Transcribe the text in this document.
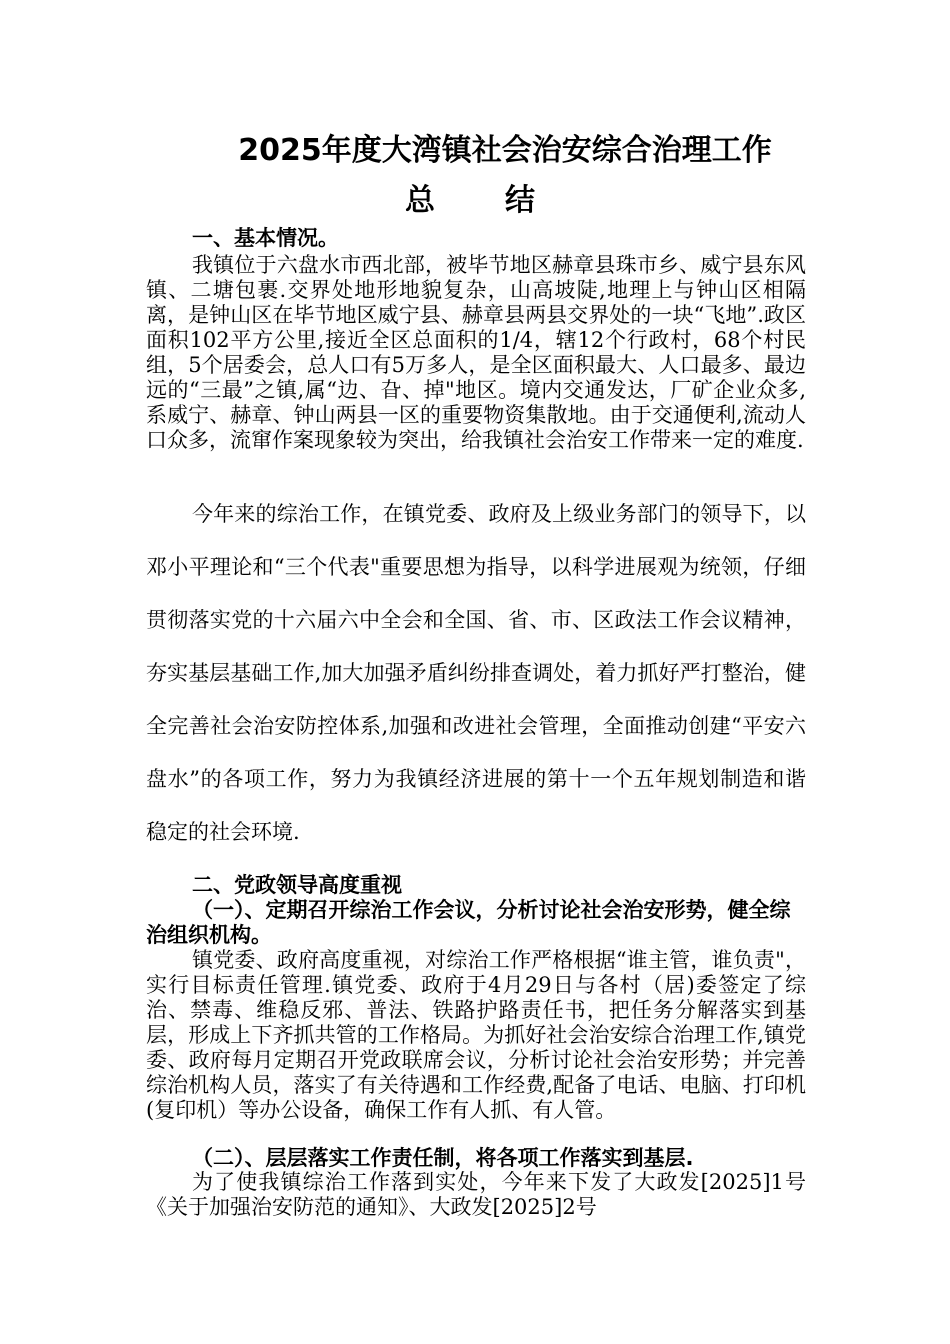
2025年度大湾镇社会治安综合治理工作
总结
一、基本情况。
我镇位于六盘水市西北部，被毕节地区赫章县珠市乡、威宁县东风镇、二塘包裹.交界处地形地貌复杂，山高坡陡,地理上与钟山区相隔离，是钟山区在毕节地区威宁县、赫章县两县交界处的一块“飞地”.政区面积102平方公里,接近全区总面积的1/4，辖12个行政村，68个村民组，5个居委会，总人口有5万多人，是全区面积最大、人口最多、最边远的“三最”之镇,属“边、旮、掉"地区。境内交通发达，厂矿企业众多,系威宁、赫章、钟山两县一区的重要物资集散地。由于交通便利,流动人口众多，流窜作案现象较为突出，给我镇社会治安工作带来一定的难度.
今年来的综治工作，在镇党委、政府及上级业务部门的领导下，以邓小平理论和“三个代表"重要思想为指导，以科学进展观为统领，仔细贯彻落实党的十六届六中全会和全国、省、市、区政法工作会议精神，夯实基层基础工作,加大加强矛盾纠纷排查调处，着力抓好严打整治，健全完善社会治安防控体系,加强和改进社会管理，全面推动创建“平安六盘水”的各项工作，努力为我镇经济进展的第十一个五年规划制造和谐稳定的社会环境.
二、党政领导高度重视
（一）、定期召开综治工作会议，分析讨论社会治安形势，健全综治组织机构。
镇党委、政府高度重视，对综治工作严格根据“谁主管，谁负责"，实行目标责任管理.镇党委、政府于4月29日与各村（居)委签定了综治、禁毒、维稳反邪、普法、铁路护路责任书，把任务分解落实到基层，形成上下齐抓共管的工作格局。为抓好社会治安综合治理工作,镇党委、政府每月定期召开党政联席会议，分析讨论社会治安形势；并完善综治机构人员，落实了有关待遇和工作经费,配备了电话、电脑、打印机(复印机）等办公设备，确保工作有人抓、有人管。
（二）、层层落实工作责任制，将各项工作落实到基层.
为了使我镇综治工作落到实处，今年来下发了大政发[2025]1号《关于加强治安防范的通知》、大政发[2025]2号
